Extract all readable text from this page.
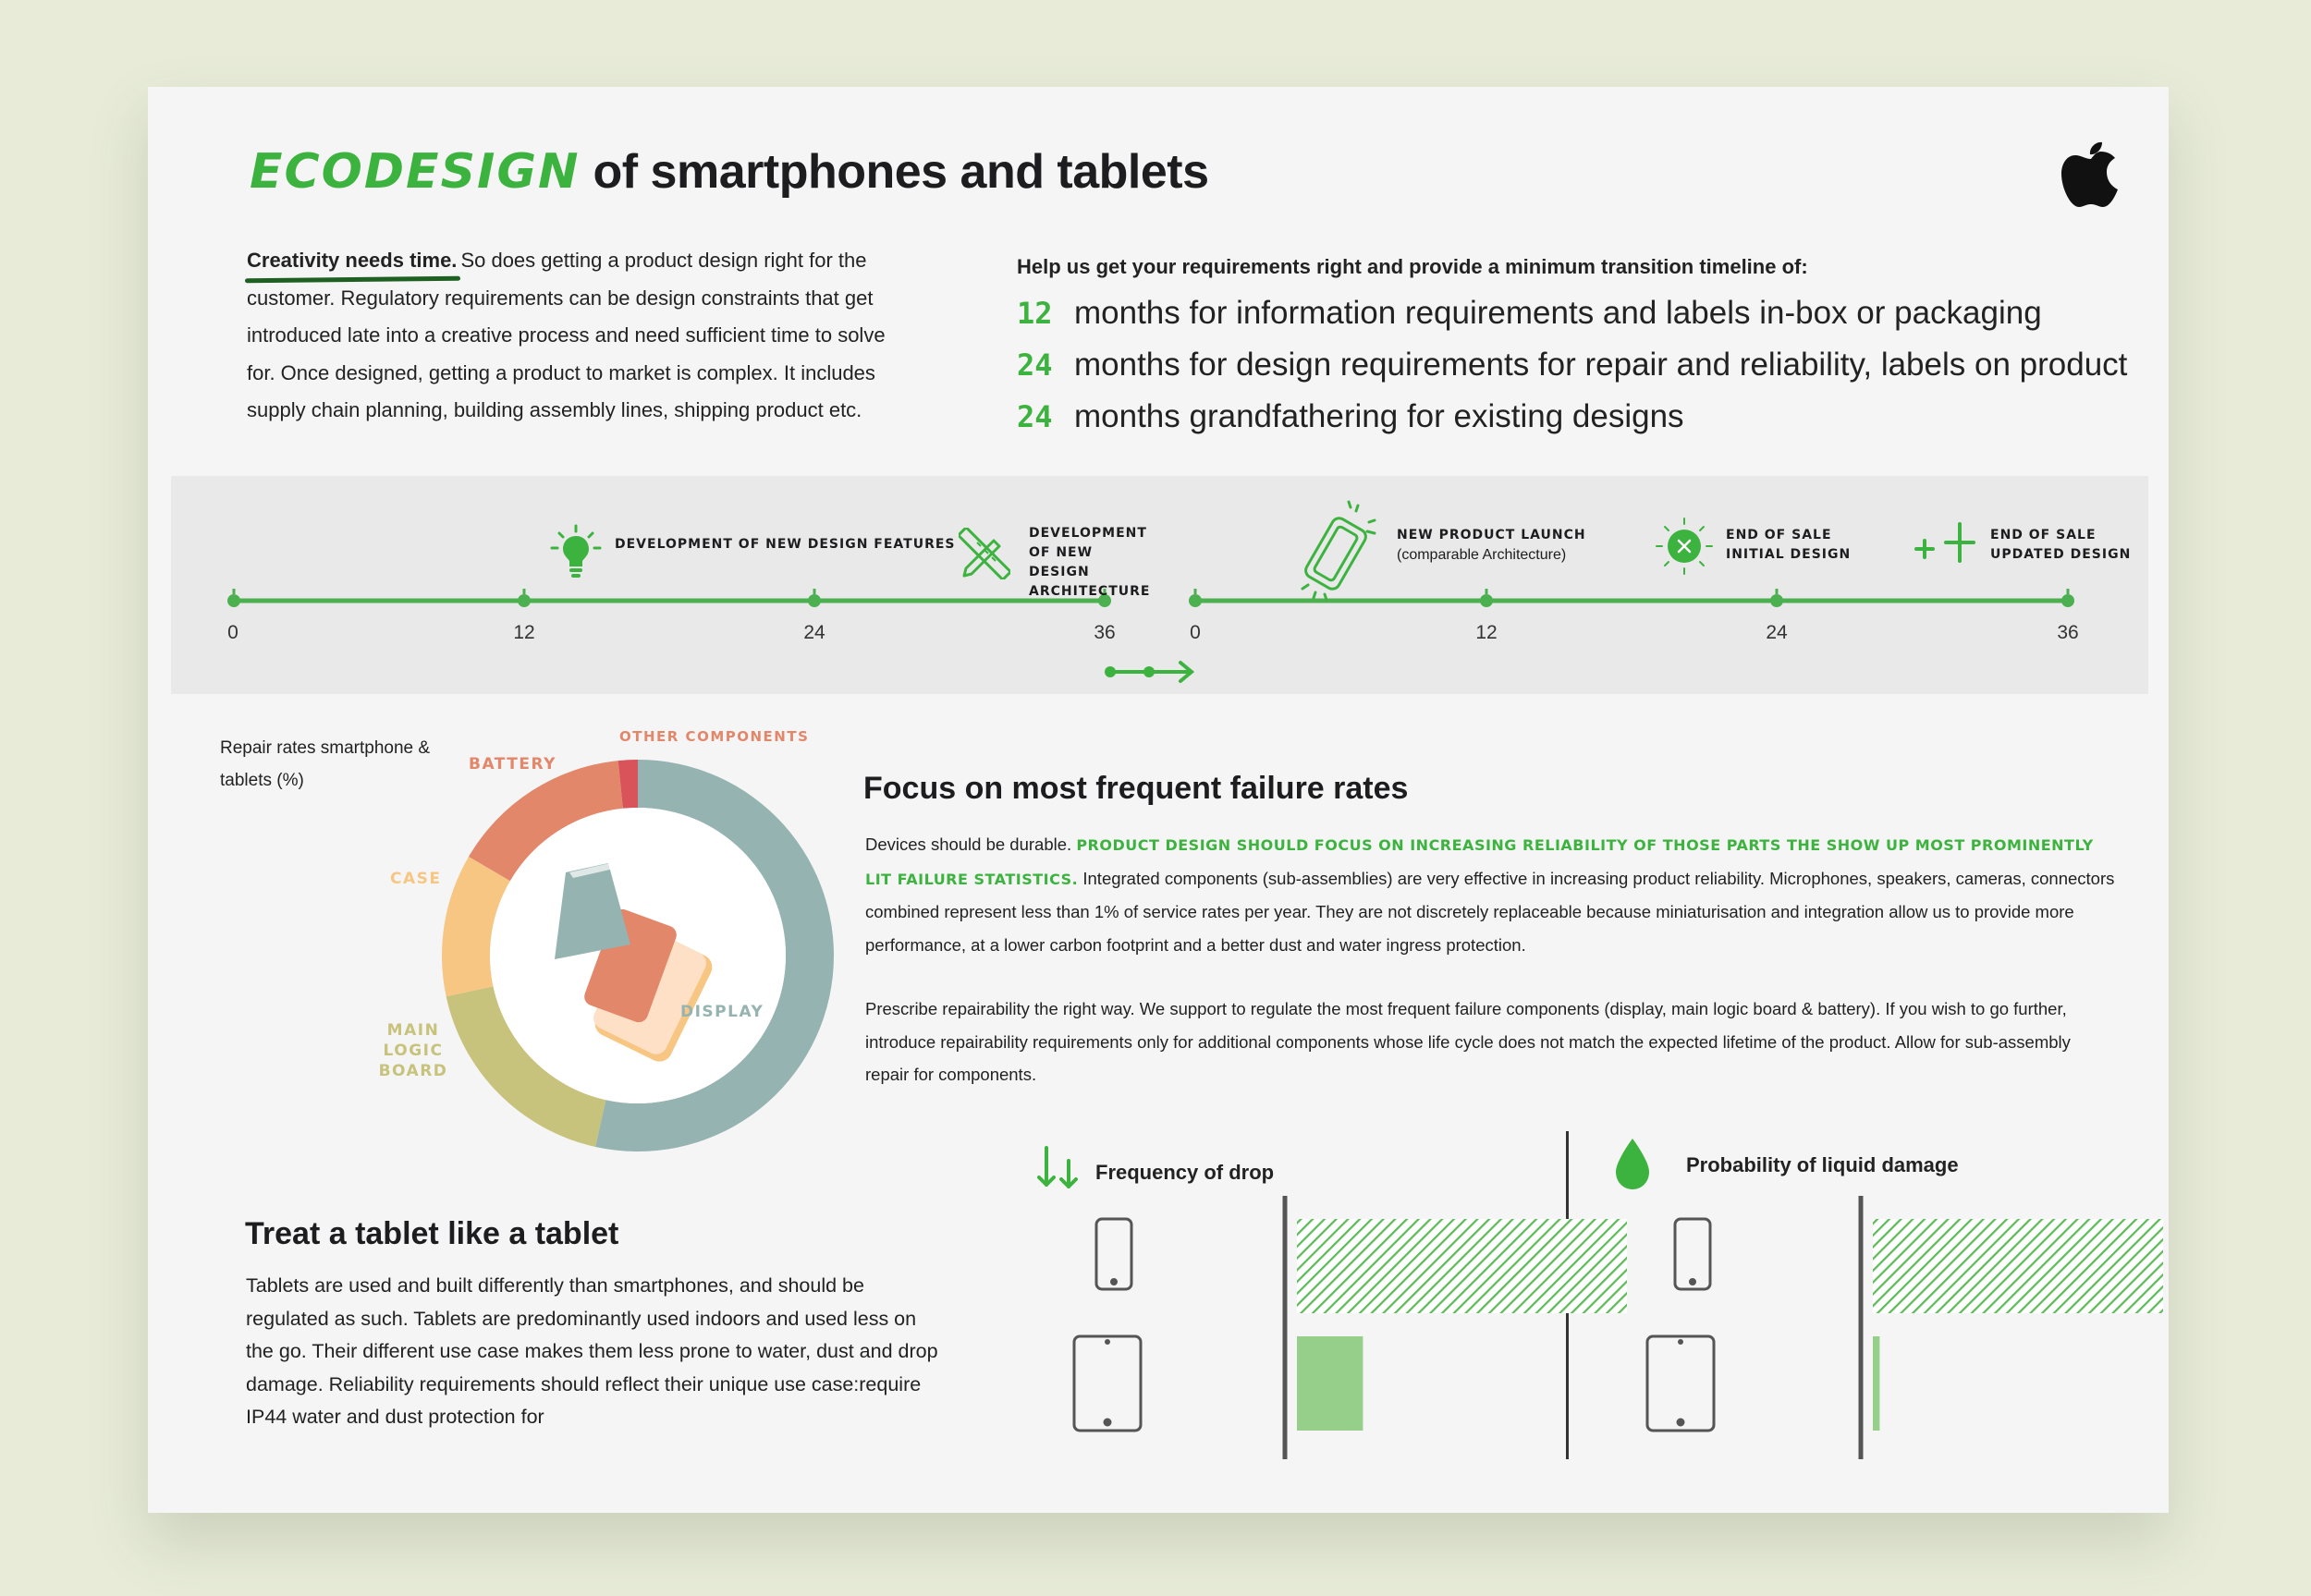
ECODESIGN of smartphones and tablets
Creativity needs time. So does getting a product design right for the customer. Regulatory requirements can be design constraints that get introduced late into a creative process and need sufficient time to solve for. Once designed, getting a product to market is complex. It includes supply chain planning, building assembly lines, shipping product etc.
Help us get your requirements right and provide a minimum transition timeline of:
12 months for information requirements and labels in-box or packaging
24 months for design requirements for repair and reliability, labels on product
24 months grandfathering for existing designs
0	12	24	36	0	12	24	36
DEVELOPMENT OF NEW DESIGN FEATURES
DEVELOPMENT OF NEW DESIGN ARCHITECTURE
NEW PRODUCT LAUNCH
(comparable Architecture)
END OF SALE INITIAL DESIGN
END OF SALE UPDATED DESIGN
Repair rates smartphone & tablets (%)
OTHER COMPONENTS
BATTERY
CASE
MAIN LOGIC BOARD
DISPLAY
Focus on most frequent failure rates
Devices should be durable. PRODUCT DESIGN SHOULD FOCUS ON INCREASING RELIABILITY OF THOSE PARTS THE SHOW UP MOST PROMINENTLY LIT FAILURE STATISTICS. Integrated components (sub-assemblies) are very effective in increasing product reliability. Microphones, speakers, cameras, connectors combined represent less than 1% of service rates per year. They are not discretely replaceable because miniaturisation and integration allow us to provide more performance, at a lower carbon footprint and a better dust and water ingress protection.
Prescribe repairability the right way. We support to regulate the most frequent failure components (display, main logic board & battery). If you wish to go further, introduce repairability requirements only for additional components whose life cycle does not match the expected lifetime of the product. Allow for sub-assembly repair for components.
Treat a tablet like a tablet
Tablets are used and built differently than smartphones, and should be regulated as such. Tablets are predominantly used indoors and used less on the go. Their different use case makes them less prone to water, dust and drop damage. Reliability requirements should reflect their unique use case:require IP44 water and dust protection for
Frequency of drop	Probability of liquid damage
